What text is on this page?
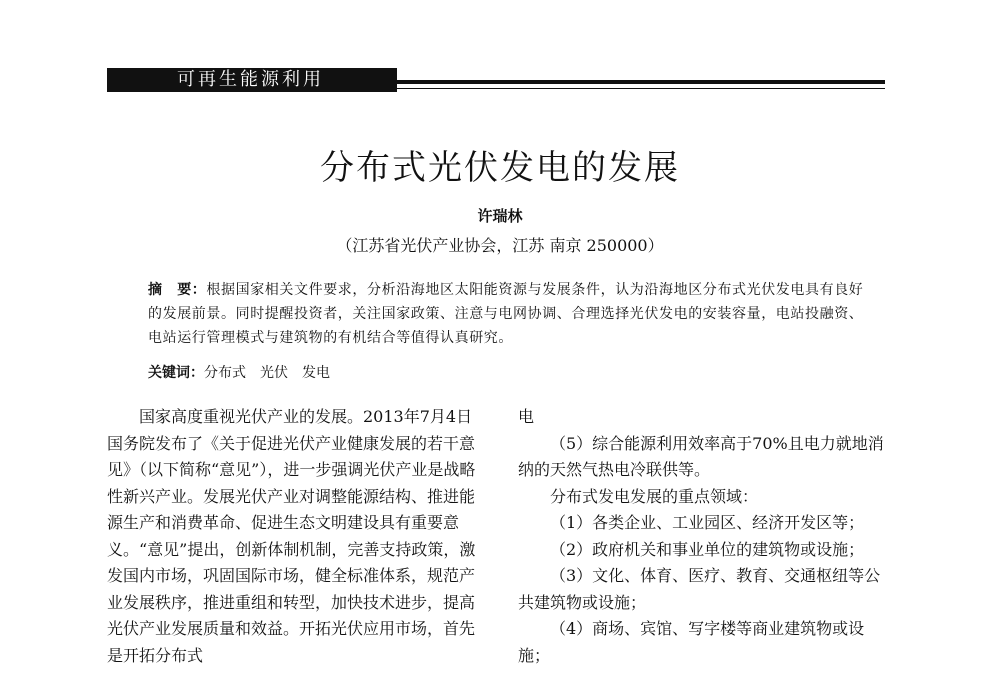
可再生能源利用
分布式光伏发电的发展
许瑞林
（江苏省光伏产业协会，江苏 南京 250000）
摘　要：根据国家相关文件要求，分析沿海地区太阳能资源与发展条件，认为沿海地区分布式光伏发电具有良好的发展前景。同时提醒投资者，关注国家政策、注意与电网协调、合理选择光伏发电的安装容量，电站投融资、电站运行管理模式与建筑物的有机结合等值得认真研究。
关键词：分布式　光伏　发电

国家高度重视光伏产业的发展。2013年7月4日国务院发布了《关于促进光伏产业健康发展的若干意见》（以下简称“意见”），进一步强调光伏产业是战略性新兴产业。发展光伏产业对调整能源结构、推进能源生产和消费革命、促进生态文明建设具有重要意义。“意见”提出，创新体制机制，完善支持政策，激发国内市场，巩固国际市场，健全标准体系，规范产业发展秩序，推进重组和转型，加快技术进步，提高光伏产业发展质量和效益。开拓光伏应用市场，首先是开拓分布式

电

（5）综合能源利用效率高于70%且电力就地消纳的天然气热电冷联供等。

分布式发电发展的重点领域：

（1）各类企业、工业园区、经济开发区等；

（2）政府机关和事业单位的建筑物或设施；

（3）文化、体育、医疗、教育、交通枢纽等公共建筑物或设施；

（4）商场、宾馆、写字楼等商业建筑物或设施；
